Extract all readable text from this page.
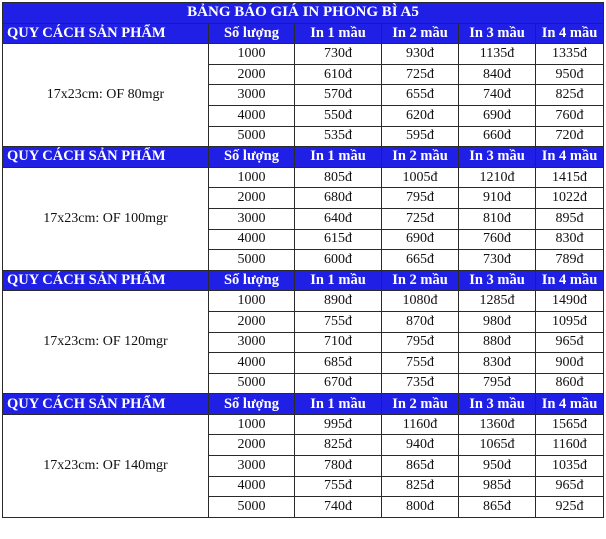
BẢNG BÁO GIÁ IN PHONG BÌ A5					
QUY CÁCH SẢN PHẨM	Số lượng	In 1 mầu	In 2 mầu	In 3 mầu	In 4 mầu
17x23cm: OF 80mgr	1000	730đ	930đ	1135đ	1335đ
	2000	610đ	725đ	840đ	950đ
	3000	570đ	655đ	740đ	825đ
	4000	550đ	620đ	690đ	760đ
	5000	535đ	595đ	660đ	720đ
QUY CÁCH SẢN PHẨM	Số lượng	In 1 mầu	In 2 mầu	In 3 mầu	In 4 mầu
17x23cm: OF 100mgr	1000	805đ	1005đ	1210đ	1415đ
	2000	680đ	795đ	910đ	1022đ
	3000	640đ	725đ	810đ	895đ
	4000	615đ	690đ	760đ	830đ
	5000	600đ	665đ	730đ	789đ
QUY CÁCH SẢN PHẨM	Số lượng	In 1 mầu	In 2 mầu	In 3 mầu	In 4 mầu
17x23cm: OF 120mgr	1000	890đ	1080đ	1285đ	1490đ
	2000	755đ	870đ	980đ	1095đ
	3000	710đ	795đ	880đ	965đ
	4000	685đ	755đ	830đ	900đ
	5000	670đ	735đ	795đ	860đ
QUY CÁCH SẢN PHẨM	Số lượng	In 1 mầu	In 2 mầu	In 3 mầu	In 4 mầu
17x23cm: OF 140mgr	1000	995đ	1160đ	1360đ	1565đ
	2000	825đ	940đ	1065đ	1160đ
	3000	780đ	865đ	950đ	1035đ
	4000	755đ	825đ	985đ	965đ
	5000	740đ	800đ	865đ	925đ
